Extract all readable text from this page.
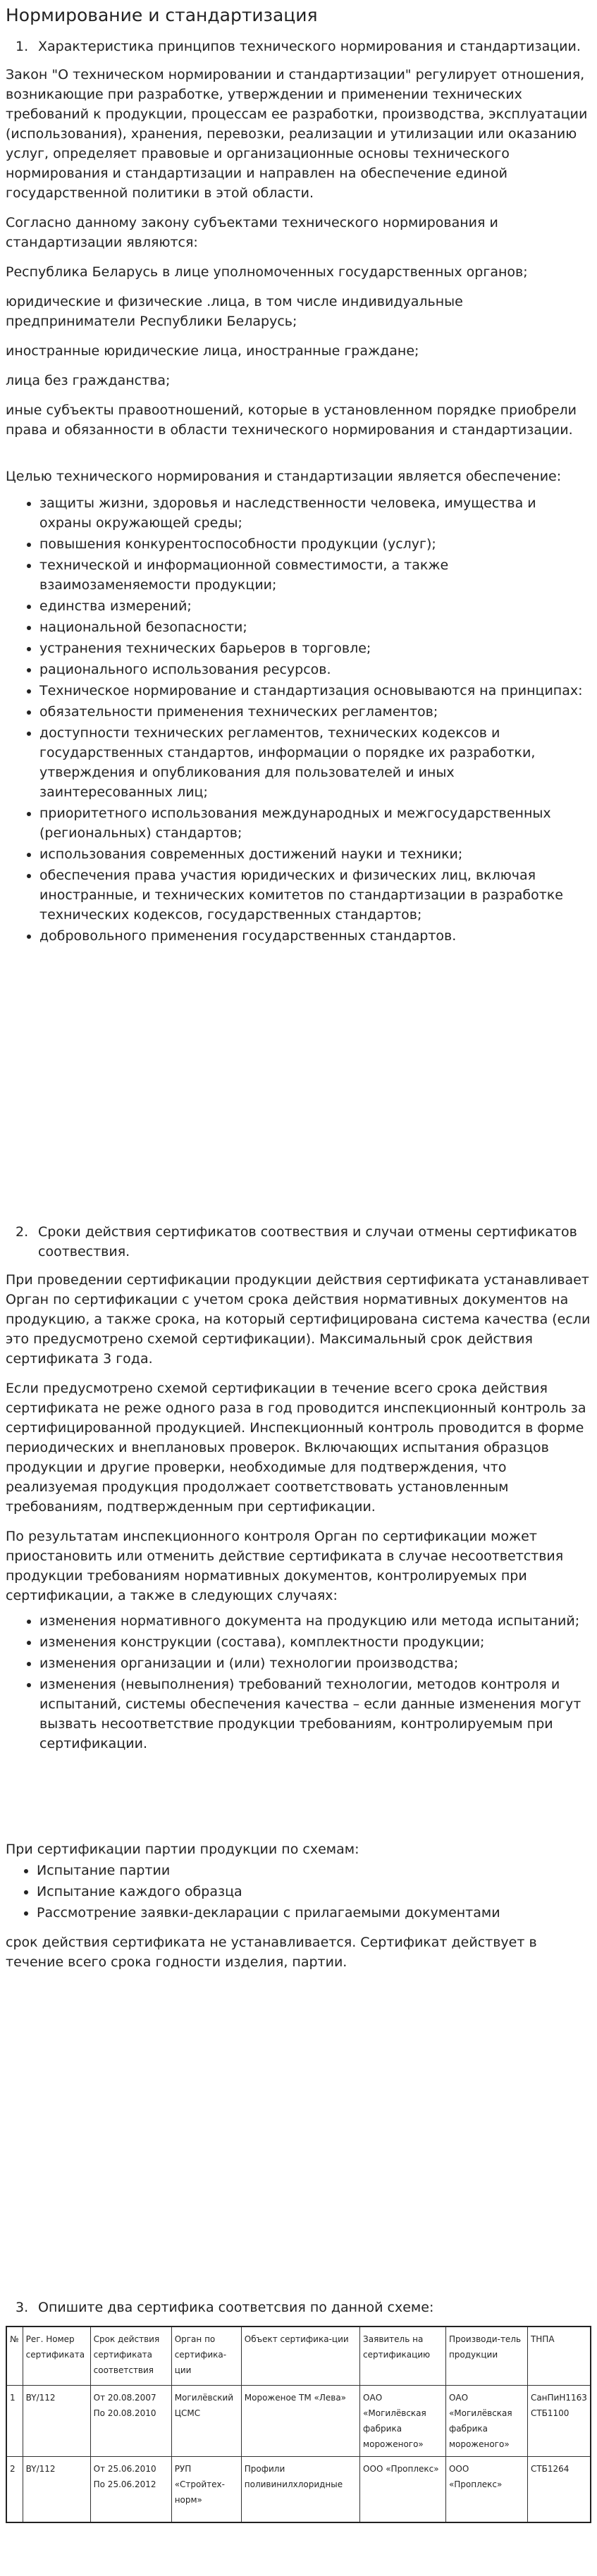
Нормирование и стандартизация
1. Характеристика принципов технического нормирования и стандартизации.

Закон "О техническом нормировании и стандартизации" регулирует отношения, возникающие при разработке, утверждении и применении технических требований к продукции, процессам ее разработки, производства, эксплуатации (использования), хранения, перевозки, реализации и утилизации или оказанию услуг, определяет правовые и организационные основы технического нормирования и стандартизации и направлен на обеспечение единой государственной политики в этой области.

Согласно данному закону субъектами технического нормирования и стандартизации являются:

Республика Беларусь в лице уполномоченных государственных органов;

юридические и физические .лица, в том числе индивидуальные предприниматели Республики Беларусь;

иностранные юридические лица, иностранные граждане;

лица без гражданства;

иные субъекты правоотношений, которые в установленном порядке приобрели права и обязанности в области технического нормирования и стандартизации.

Целью технического нормирования и стандартизации является обеспечение:

• защиты жизни, здоровья и наследственности человека, имущества и охраны окружающей среды;
• повышения конкурентоспособности продукции (услуг);
• технической и информационной совместимости, а также взаимозаменяемости продукции;
• единства измерений;
• национальной безопасности;
• устранения технических барьеров в торговле;
• рационального использования ресурсов.
• Техническое нормирование и стандартизация основываются на принципах:
• обязательности применения технических регламентов;
• доступности технических регламентов, технических кодексов и государственных стандартов, информации о порядке их разработки, утверждения и опубликования для пользователей и иных заинтересованных лиц;
• приоритетного использования международных и межгосударственных (региональных) стандартов;
• использования современных достижений науки и техники;
• обеспечения права участия юридических и физических лиц, включая иностранные, и технических комитетов по стандартизации в разработке технических кодексов, государственных стандартов;
• добровольного применения государственных стандартов.
2. Сроки действия сертификатов соотвествия и случаи отмены сертификатов соотвествия.

При проведении сертификации продукции действия сертификата устанавливает Орган по сертификации с учетом срока действия нормативных документов на продукцию, а также срока, на который сертифицирована система качества (если это предусмотрено схемой сертификации). Максимальный срок действия сертификата 3 года.

Если предусмотрено схемой сертификации в течение всего срока действия сертификата не реже одного раза в год проводится инспекционный контроль за сертифицированной продукцией. Инспекционный контроль проводится в форме периодических и внеплановых проверок. Включающих испытания образцов продукции и другие проверки, необходимые для подтверждения, что реализуемая продукция продолжает соответствовать установленным требованиям, подтвержденным при сертификации.

По результатам инспекционного контроля Орган по сертификации может приостановить или отменить действие сертификата в случае несоответствия продукции требованиям нормативных документов, контролируемых при сертификации, а также в следующих случаях:

• изменения нормативного документа на продукцию или метода испытаний;
• изменения конструкции (состава), комплектности продукции;
• изменения организации и (или) технологии производства;
• изменения (невыполнения) требований технологии, методов контроля и испытаний, системы обеспечения качества – если данные изменения могут вызвать несоответствие продукции требованиям, контролируемым при сертификации.

При сертификации партии продукции по схемам:

• Испытание партии
• Испытание каждого образца
• Рассмотрение заявки-декларации с прилагаемыми документами

срок действия сертификата не устанавливается. Сертификат действует в течение всего срока годности изделия, партии.

3. Опишите два сертифика соответсвия по данной схеме:
№	Рег. Номер сертификата	Срок действия сертификата соответствия	Орган по сертифика-ции	Объект сертифика-ции	Заявитель на сертификацию	Производи-тель продукции	ТНПА
1	BY/112	От 20.08.2007 По 20.08.2010	Могилёвский ЦСМС	Мороженое ТМ «Лева»	ОАО «Могилёвская фабрика мороженого»	ОАО «Могилёвская фабрика мороженого»	СанПиН1163 СТБ1100
2	BY/112	От 25.06.2010 По 25.06.2012	РУП «Стройтех-норм»	Профили поливинилхлоридные	ООО «Проплекс»	ООО «Проплекс»	СТБ1264
